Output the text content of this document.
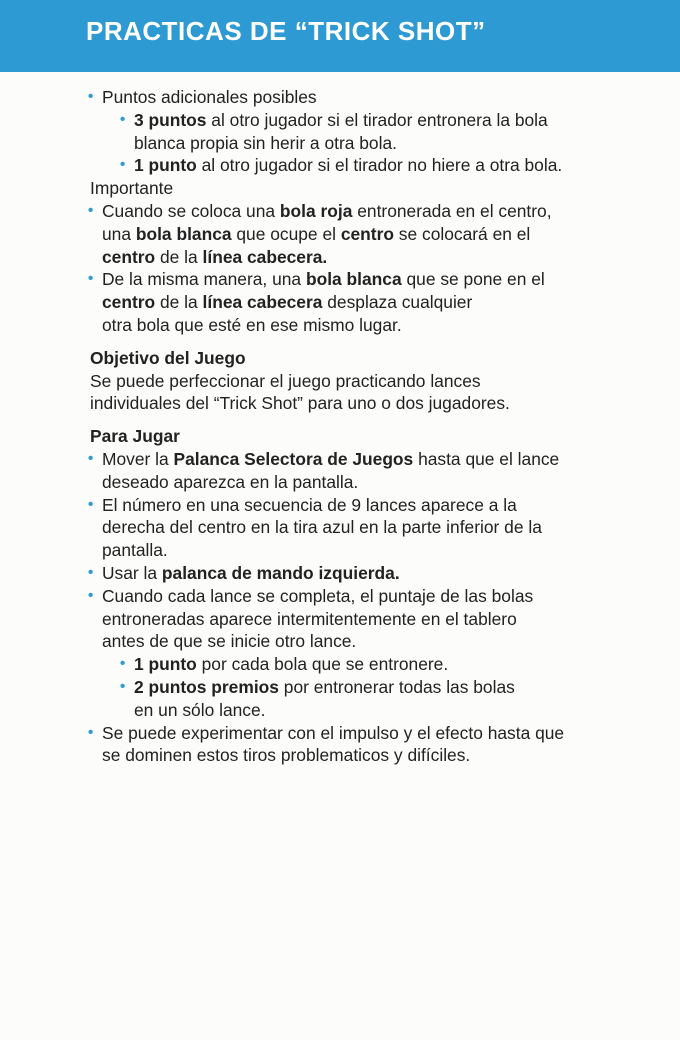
PRACTICAS DE “TRICK SHOT”
• Puntos adicionales posibles
• 3 puntos al otro jugador si el tirador entronera la bola
blanca propia sin herir a otra bola.
• 1 punto al otro jugador si el tirador no hiere a otra bola.
Importante
• Cuando se coloca una bola roja entronerada en el centro,
una bola blanca que ocupe el centro se colocará en el
centro de la línea cabecera.
• De la misma manera, una bola blanca que se pone en el
centro de la línea cabecera desplaza cualquier
otra bola que esté en ese mismo lugar.
Objetivo del Juego
Se puede perfeccionar el juego practicando lances
individuales del “Trick Shot” para uno o dos jugadores.
Para Jugar
• Mover la Palanca Selectora de Juegos hasta que el lance
deseado aparezca en la pantalla.
• El número en una secuencia de 9 lances aparece a la
derecha del centro en la tira azul en la parte inferior de la
pantalla.
• Usar la palanca de mando izquierda.
• Cuando cada lance se completa, el puntaje de las bolas
entroneradas aparece intermitentemente en el tablero
antes de que se inicie otro lance.
• 1 punto por cada bola que se entronere.
• 2 puntos premios por entronerar todas las bolas
en un sólo lance.
• Se puede experimentar con el impulso y el efecto hasta que
se dominen estos tiros problematicos y difíciles.
